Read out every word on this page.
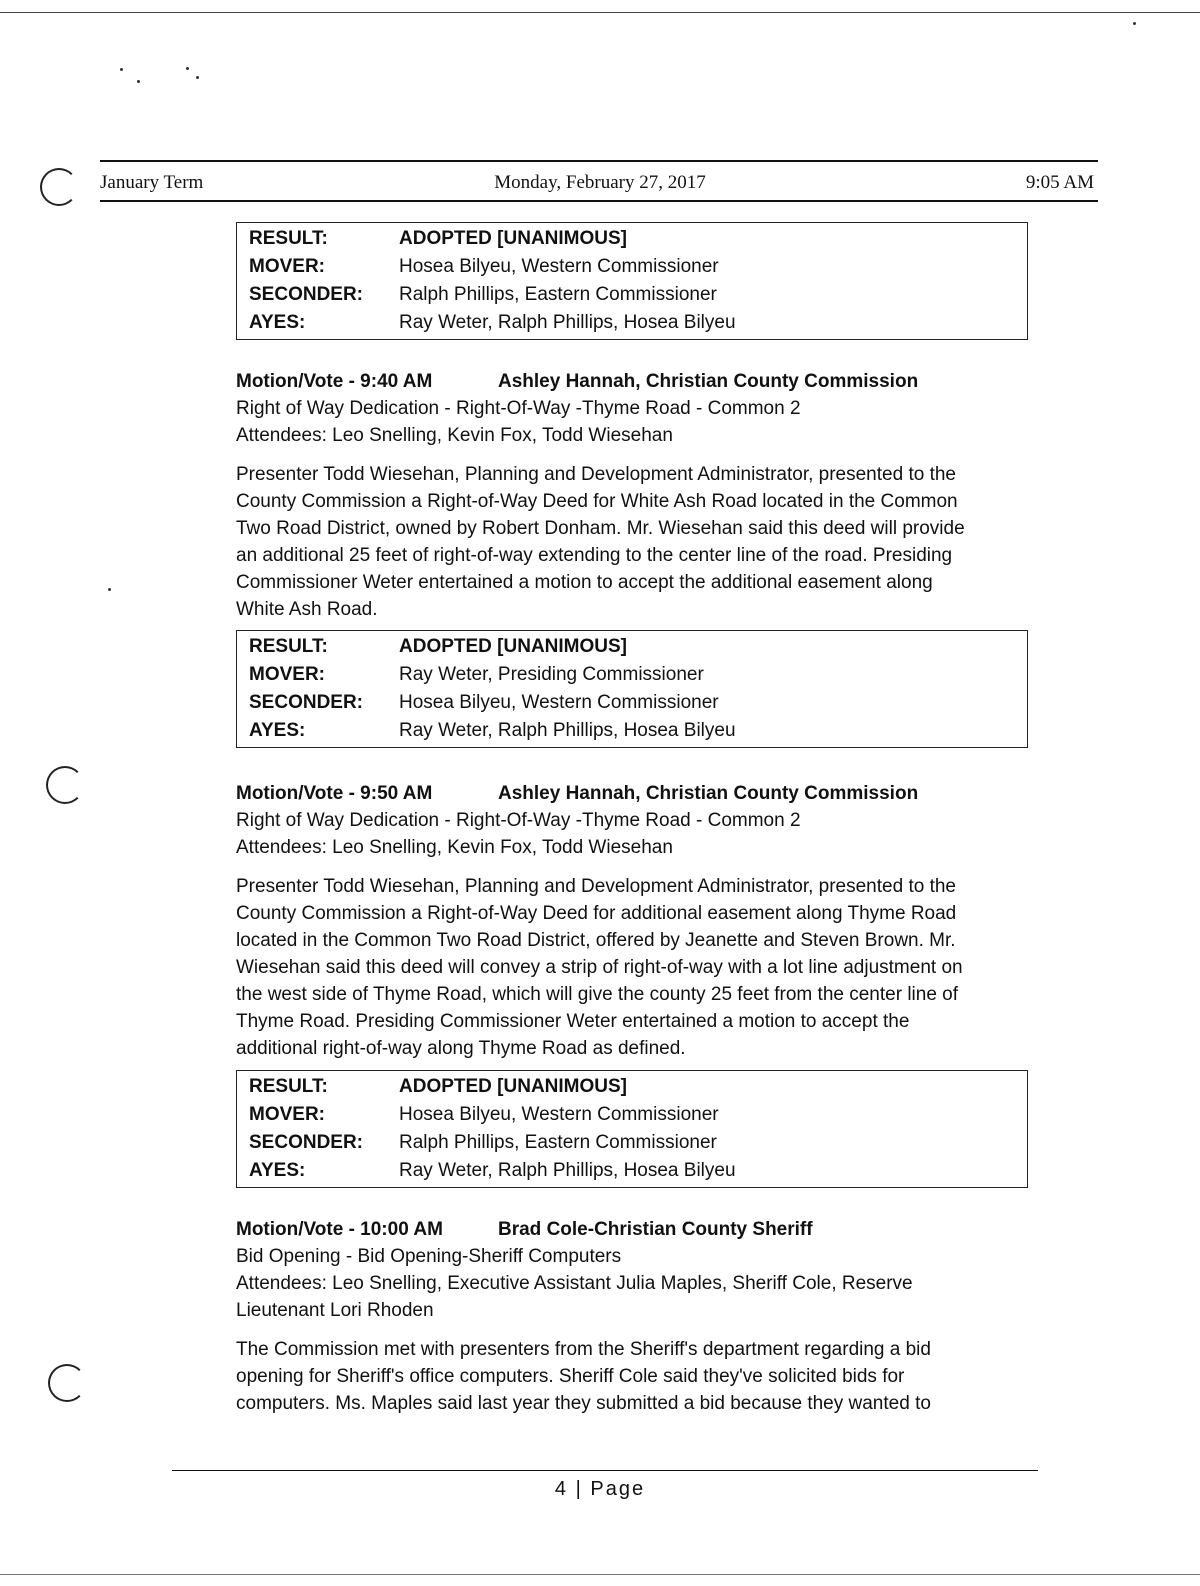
January Term	Monday, February 27, 2017	9:05 AM
RESULT:	ADOPTED [UNANIMOUS]
MOVER:	Hosea Bilyeu, Western Commissioner
SECONDER:	Ralph Phillips, Eastern Commissioner
AYES:	Ray Weter, Ralph Phillips, Hosea Bilyeu
Motion/Vote - 9:40 AM	Ashley Hannah, Christian County Commission
Right of Way Dedication - Right-Of-Way -Thyme Road - Common 2
Attendees: Leo Snelling, Kevin Fox, Todd Wiesehan
Presenter Todd Wiesehan, Planning and Development Administrator, presented to the
County Commission a Right-of-Way Deed for White Ash Road located in the Common
Two Road District, owned by Robert Donham. Mr. Wiesehan said this deed will provide
an additional 25 feet of right-of-way extending to the center line of the road. Presiding
Commissioner Weter entertained a motion to accept the additional easement along
White Ash Road.
RESULT:	ADOPTED [UNANIMOUS]
MOVER:	Ray Weter, Presiding Commissioner
SECONDER:	Hosea Bilyeu, Western Commissioner
AYES:	Ray Weter, Ralph Phillips, Hosea Bilyeu
Motion/Vote - 9:50 AM	Ashley Hannah, Christian County Commission
Right of Way Dedication - Right-Of-Way -Thyme Road - Common 2
Attendees: Leo Snelling, Kevin Fox, Todd Wiesehan
Presenter Todd Wiesehan, Planning and Development Administrator, presented to the
County Commission a Right-of-Way Deed for additional easement along Thyme Road
located in the Common Two Road District, offered by Jeanette and Steven Brown. Mr.
Wiesehan said this deed will convey a strip of right-of-way with a lot line adjustment on
the west side of Thyme Road, which will give the county 25 feet from the center line of
Thyme Road. Presiding Commissioner Weter entertained a motion to accept the
additional right-of-way along Thyme Road as defined.
RESULT:	ADOPTED [UNANIMOUS]
MOVER:	Hosea Bilyeu, Western Commissioner
SECONDER:	Ralph Phillips, Eastern Commissioner
AYES:	Ray Weter, Ralph Phillips, Hosea Bilyeu
Motion/Vote - 10:00 AM	Brad Cole-Christian County Sheriff
Bid Opening - Bid Opening-Sheriff Computers
Attendees: Leo Snelling, Executive Assistant Julia Maples, Sheriff Cole, Reserve
Lieutenant Lori Rhoden
The Commission met with presenters from the Sheriff's department regarding a bid
opening for Sheriff's office computers. Sheriff Cole said they've solicited bids for
computers. Ms. Maples said last year they submitted a bid because they wanted to
4 | Page
